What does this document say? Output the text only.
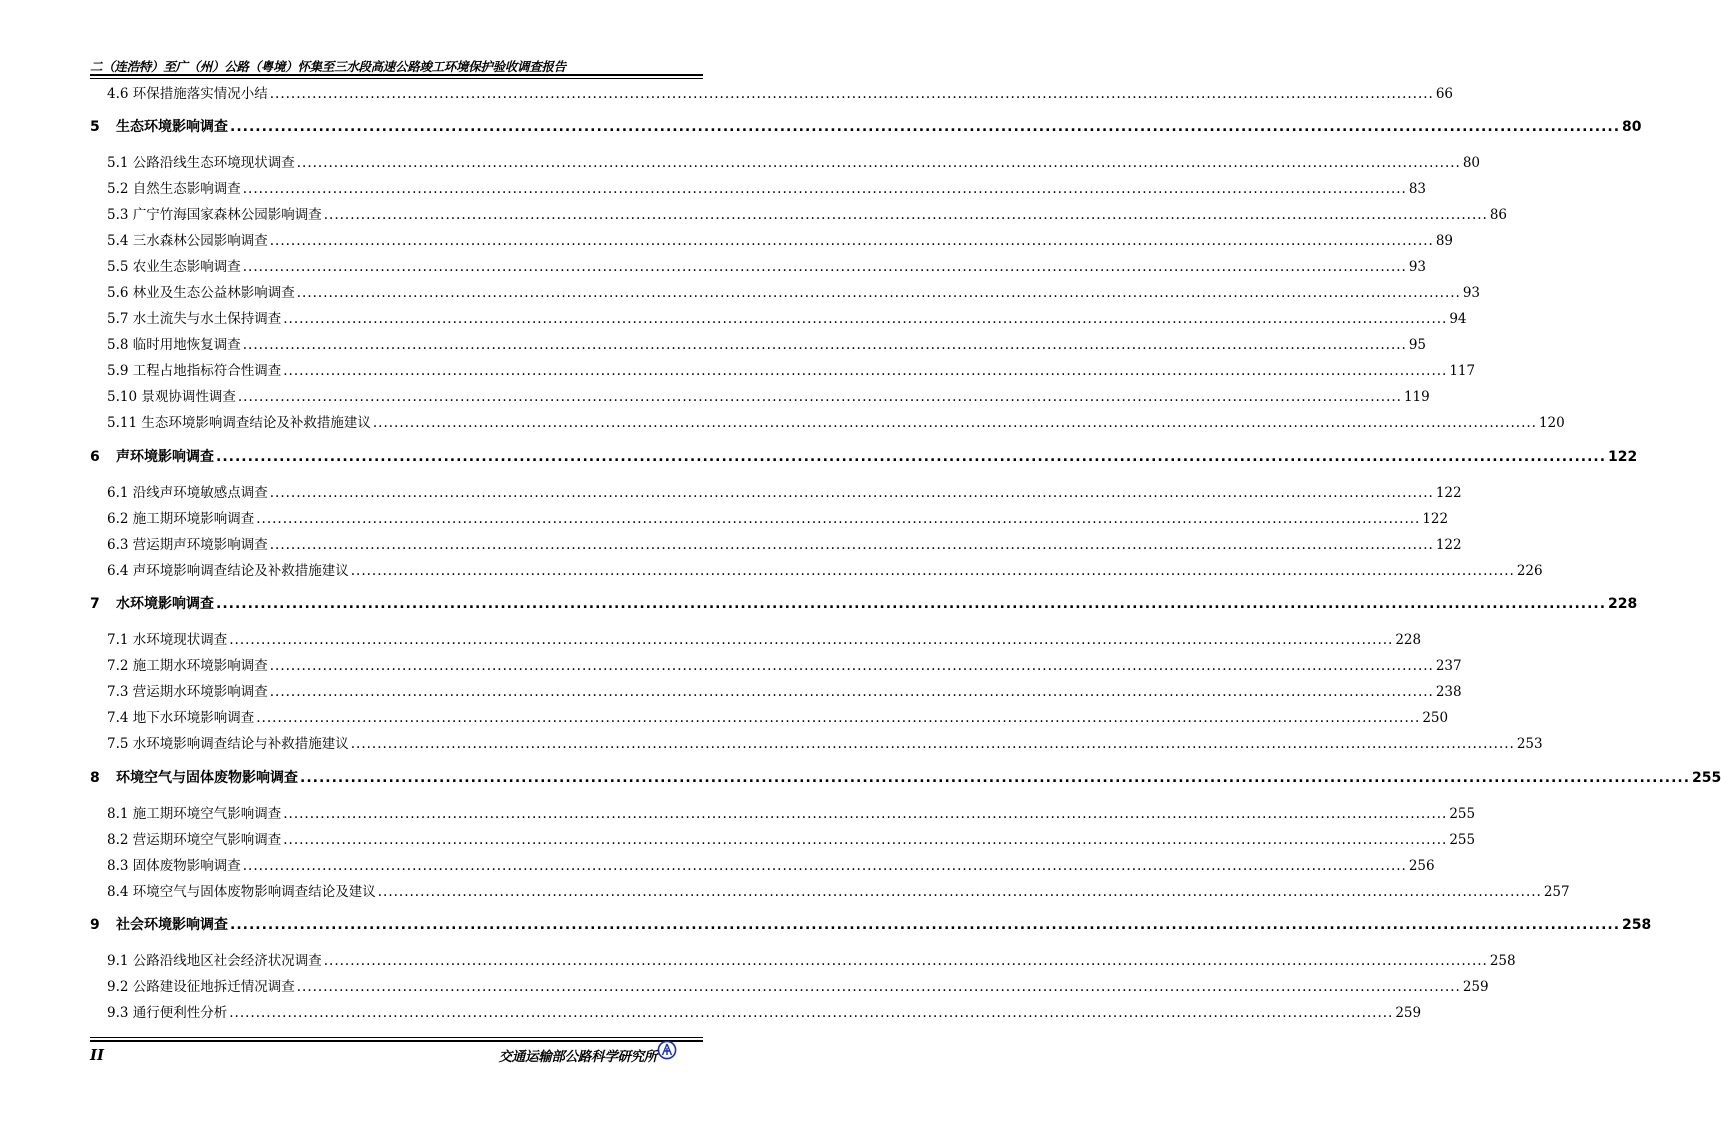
二（连浩特）至广（州）公路（粤境）怀集至三水段高速公路竣工环境保护验收调查报告
4.6 环保措施落实情况小结 ............................................................................................................................................................................................................................ 66
5 生态环境影响调查 ............................................................................................................................................................................................................................ 80
5.1 公路沿线生态环境现状调查 ............................................................................................................................................................................................................................ 80
5.2 自然生态影响调查 ............................................................................................................................................................................................................................ 83
5.3 广宁竹海国家森林公园影响调查 ............................................................................................................................................................................................................................ 86
5.4 三水森林公园影响调查 ............................................................................................................................................................................................................................ 89
5.5 农业生态影响调查 ............................................................................................................................................................................................................................ 93
5.6 林业及生态公益林影响调查 ............................................................................................................................................................................................................................ 93
5.7 水土流失与水土保持调查 ............................................................................................................................................................................................................................ 94
5.8 临时用地恢复调查 ............................................................................................................................................................................................................................ 95
5.9 工程占地指标符合性调查 ............................................................................................................................................................................................................................ 117
5.10 景观协调性调查 ............................................................................................................................................................................................................................ 119
5.11 生态环境影响调查结论及补救措施建议 ............................................................................................................................................................................................................................ 120
6 声环境影响调查 ............................................................................................................................................................................................................................ 122
6.1 沿线声环境敏感点调查 ............................................................................................................................................................................................................................ 122
6.2 施工期环境影响调查 ............................................................................................................................................................................................................................ 122
6.3 营运期声环境影响调查 ............................................................................................................................................................................................................................ 122
6.4 声环境影响调查结论及补救措施建议 ............................................................................................................................................................................................................................ 226
7 水环境影响调查 ............................................................................................................................................................................................................................ 228
7.1 水环境现状调查 ............................................................................................................................................................................................................................ 228
7.2 施工期水环境影响调查 ............................................................................................................................................................................................................................ 237
7.3 营运期水环境影响调查 ............................................................................................................................................................................................................................ 238
7.4 地下水环境影响调查 ............................................................................................................................................................................................................................ 250
7.5 水环境影响调查结论与补救措施建议 ............................................................................................................................................................................................................................ 253
8 环境空气与固体废物影响调查 ............................................................................................................................................................................................................................ 255
8.1 施工期环境空气影响调查 ............................................................................................................................................................................................................................ 255
8.2 营运期环境空气影响调查 ............................................................................................................................................................................................................................ 255
8.3 固体废物影响调查 ............................................................................................................................................................................................................................ 256
8.4 环境空气与固体废物影响调查结论及建议 ............................................................................................................................................................................................................................ 257
9 社会环境影响调查 ............................................................................................................................................................................................................................ 258
9.1 公路沿线地区社会经济状况调查 ............................................................................................................................................................................................................................ 258
9.2 公路建设征地拆迁情况调查 ............................................................................................................................................................................................................................ 259
9.3 通行便利性分析 ............................................................................................................................................................................................................................ 259
II	交通运输部公路科学研究所
